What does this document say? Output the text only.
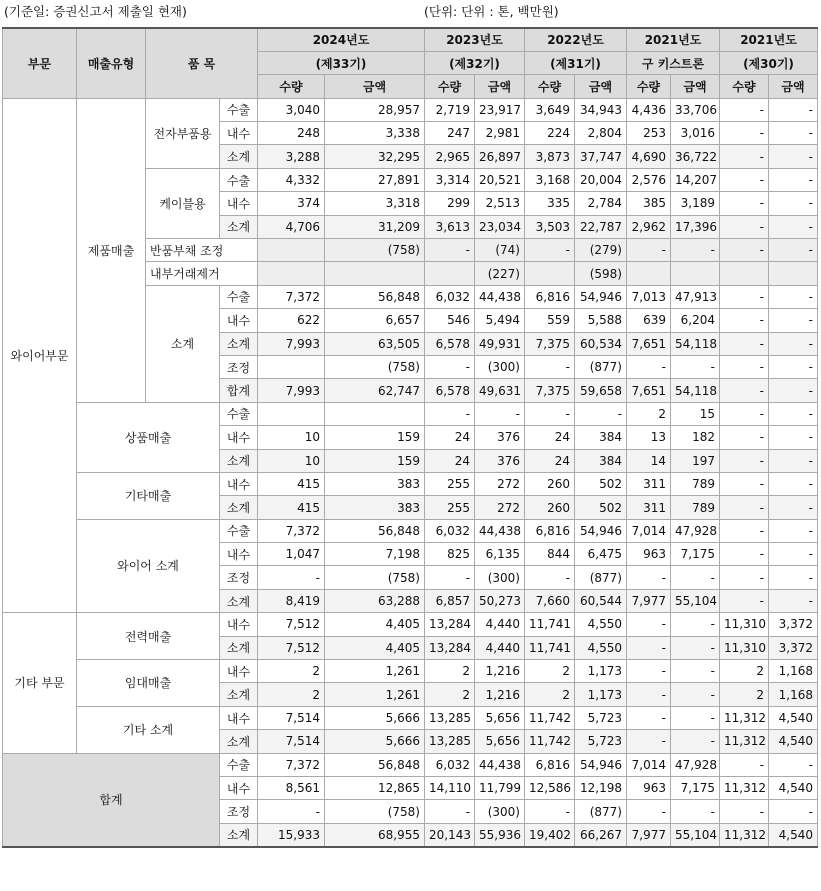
(기준일: 증권신고서 제출일 현재)	(단위: 단위 : 톤, 백만원)
부문	매출유형	품 목		2024년도		2023년도		2022년도		2021년도		2021년도	
				(제33기)		(제32기)		(제31기)		구 키스트론		(제30기)	
				수량	금액	수량	금액	수량	금액	수량	금액	수량	금액
와이어부문	제품매출	전자부품용	수출	3,040	28,957	2,719	23,917	3,649	34,943	4,436	33,706	-	-
			내수	248	3,338	247	2,981	224	2,804	253	3,016	-	-
			소계	3,288	32,295	2,965	26,897	3,873	37,747	4,690	36,722	-	-
		케이블용	수출	4,332	27,891	3,314	20,521	3,168	20,004	2,576	14,207	-	-
			내수	374	3,318	299	2,513	335	2,784	385	3,189	-	-
			소계	4,706	31,209	3,613	23,034	3,503	22,787	2,962	17,396	-	-
		반품부채 조정			(758)	-	(74)	-	(279)	-	-	-	-
		내부거래제거					(227)		(598)				
		소계	수출	7,372	56,848	6,032	44,438	6,816	54,946	7,013	47,913	-	-
			내수	622	6,657	546	5,494	559	5,588	639	6,204	-	-
			소계	7,993	63,505	6,578	49,931	7,375	60,534	7,651	54,118	-	-
			조정		(758)	-	(300)	-	(877)	-	-	-	-
			합계	7,993	62,747	6,578	49,631	7,375	59,658	7,651	54,118	-	-
	상품매출		수출			-	-	-	-	2	15	-	-
			내수	10	159	24	376	24	384	13	182	-	-
			소계	10	159	24	376	24	384	14	197	-	-
	기타매출		내수	415	383	255	272	260	502	311	789	-	-
			소계	415	383	255	272	260	502	311	789	-	-
	와이어 소계		수출	7,372	56,848	6,032	44,438	6,816	54,946	7,014	47,928	-	-
			내수	1,047	7,198	825	6,135	844	6,475	963	7,175	-	-
			조정	-	(758)	-	(300)	-	(877)	-	-	-	-
			소계	8,419	63,288	6,857	50,273	7,660	60,544	7,977	55,104	-	-
기타 부문	전력매출		내수	7,512	4,405	13,284	4,440	11,741	4,550	-	-	11,310	3,372
			소계	7,512	4,405	13,284	4,440	11,741	4,550	-	-	11,310	3,372
	임대매출		내수	2	1,261	2	1,216	2	1,173	-	-	2	1,168
			소계	2	1,261	2	1,216	2	1,173	-	-	2	1,168
	기타 소계		내수	7,514	5,666	13,285	5,656	11,742	5,723	-	-	11,312	4,540
			소계	7,514	5,666	13,285	5,656	11,742	5,723	-	-	11,312	4,540
합계			수출	7,372	56,848	6,032	44,438	6,816	54,946	7,014	47,928	-	-
			내수	8,561	12,865	14,110	11,799	12,586	12,198	963	7,175	11,312	4,540
			조정	-	(758)	-	(300)	-	(877)	-	-	-	-
			소계	15,933	68,955	20,143	55,936	19,402	66,267	7,977	55,104	11,312	4,540
